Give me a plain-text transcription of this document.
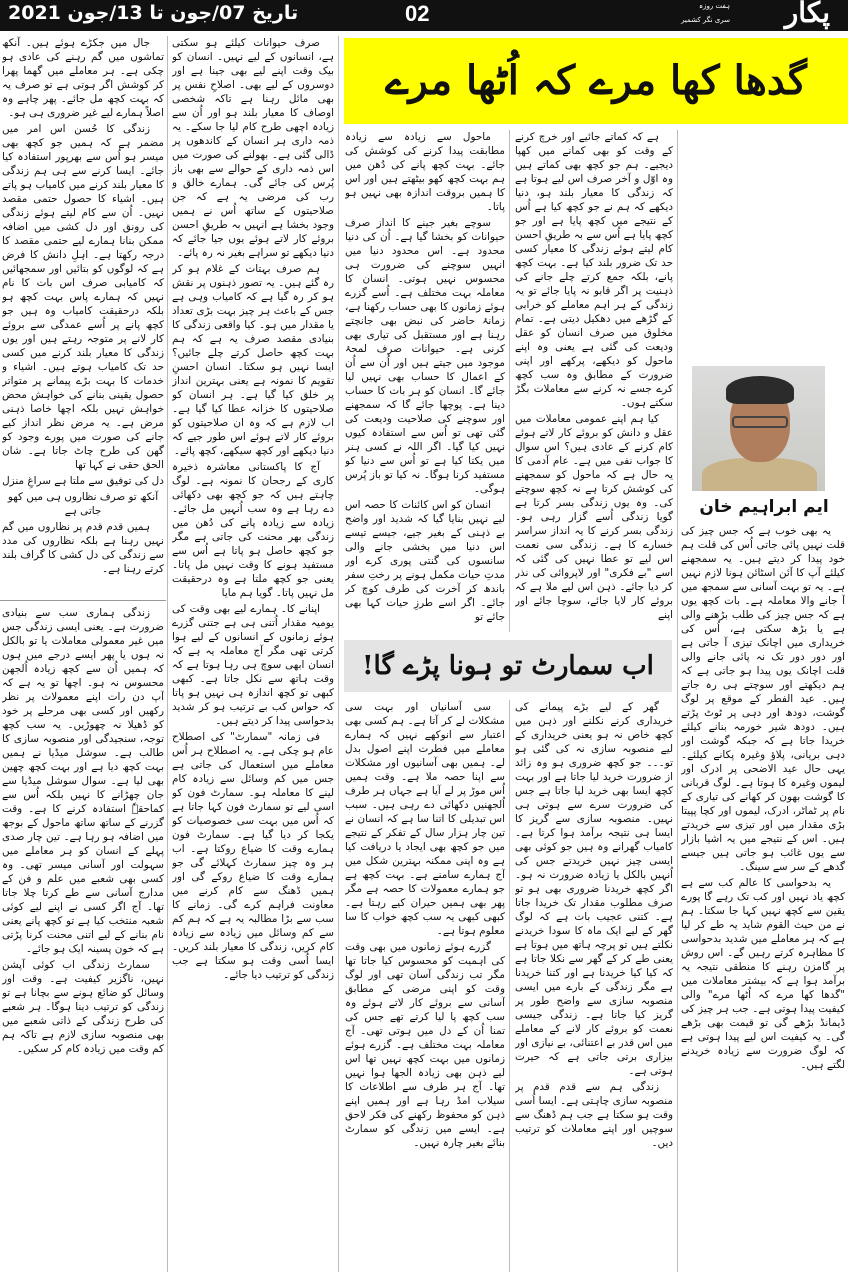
تاریخ 07/جون تا 13/جون 2021	02	پکار
ہفت روزہ
سری نگر کشمیر
گدھا کھا مرے کہ اُٹھا مرے

ماحول سے زیادہ سے زیادہ مطابقت پیدا کرنے کی کوشش کی جائے۔ بہت کچھ پانے کی دُھن میں ہم بہت کچھ کھو بیٹھتے ہیں اور اس کا ہمیں بروقت اندازہ بھی نہیں ہو پاتا۔

سوچے بغیر جینے کا انداز صرف حیوانات کو بخشا گیا ہے۔ اُن کی دنیا محدود ہے۔ اس محدود دنیا میں انہیں سوچنے کی ضرورت ہی محسوس نہیں ہوتی۔ انسان کا معاملہ بہت مختلف ہے۔ اُسے گزرے ہوئے زمانوں کا بھی حساب رکھنا ہے، زمانۂ حاضر کی نبض بھی جانچتے رہنا ہے اور مستقبل کی تیاری بھی کرنی ہے۔ حیوانات صرف لمحۂ موجود میں جیتے ہیں اور اُن سے اُن کے اعمال کا حساب بھی نہیں لیا جائے گا۔ انسان کو ہر بات کا حساب دینا ہے۔ پوچھا جائے گا کہ سمجھنے اور سوچنے کی صلاحیت ودیعت کی گئی تھی تو اُس سے استفادہ کیوں نہیں کیا گیا۔ اگر اللہ نے کسی ہنر میں یکتا کیا ہے تو اُس سے دنیا کو مستفید کرنا ہوگا۔ نہ کیا تو باز پُرس ہوگی۔

انسان کو اس کائنات کا حصہ اس لیے نہیں بنایا گیا کہ شدید اور واضح بے ذہنی کے بغیر جیے، جیسے تیسے اس دنیا میں بخشی جانے والی سانسوں کی گنتی پوری کرے اور مدتِ حیات مکمل ہونے پر رختِ سفر باندھ کر آخرت کی طرف کوچ کر جائے۔ اگر اسے طرزِ حیات کہا بھی جائے تو

ہے کہ کماتے جائیے اور خرچ کرنے کے وقت کو بھی کمانے میں کھپا دیجیے۔ ہم جو کچھ بھی کماتے ہیں وہ اوّل و آخر صرف اس لیے ہوتا ہے کہ زندگی کا معیار بلند ہو، دنیا دیکھے کہ ہم نے جو کچھ کیا ہے اُس کے نتیجے میں کچھ پایا ہے اور جو کچھ پایا ہے اُس سے بہ طریقِ احسن کام لیتے ہوئے زندگی کا معیار کسی حد تک ضرور بلند کیا ہے۔ بہت کچھ پانے، بلکہ جمع کرتے چلے جانے کی ذہنیت پر اگر قابو نہ پایا جائے تو یہ زندگی کے ہر اہم معاملے کو خرابی کے گڑھے میں دھکیل دیتی ہے۔ تمام مخلوق میں صرف انسان کو عقل ودیعت کی گئی ہے یعنی وہ اپنے ماحول کو دیکھے، پرکھے اور اپنی ضرورت کے مطابق وہ سب کچھ کرے جسے نہ کرنے سے معاملات بگڑ سکتے ہوں۔

کیا ہم اپنے عمومی معاملات میں عقل و دانش کو بروئے کار لاتے ہوئے کام کرنے کے عادی ہیں؟ اس سوال کا جواب نفی میں ہے۔ عام آدمی کا یہ حال ہے کہ ماحول کو سمجھنے کی کوشش کرتا ہے نہ کچھ سوچتے کی۔ وہ یوں زندگی بسر کرتا ہے گویا زندگی اُسے گزار رہی ہو۔ زندگی بسر کرنے کا یہ انداز سراسر خسارے کا ہے۔ زندگی سی نعمت اس لیے تو عطا نہیں کی گئی کہ اسے "بے فکری" اور لاپروائی کی نذر کر دیا جائے۔ ذہن اس لیے ملا ہے کہ بروئے کار لایا جائے، سوچا جائے اور اپنے

ایم ابراہیم خان

یہ بھی خوب ہے کہ جس چیز کی قلت نہیں پائی جاتی اُس کی قلت ہم خود پیدا کر دیتے ہیں۔ یہ سمجھنے کیلئے آپ کا آئن اسٹائن ہونا لازم نہیں ہے۔ یہ تو بہت آسانی سے سمجھ میں آ جانے والا معاملہ ہے۔ بات کچھ یوں ہے کہ جس چیز کی طلب بڑھنے والی ہے یا بڑھ سکتی ہے، اُس کی خریداری میں اچانک تیزی آ جاتی ہے اور دور دور تک نہ پائی جانے والی قلت اچانک یوں پیدا ہو جاتی ہے کہ ہم دیکھتے اور سوچتے ہی رہ جاتے ہیں۔ عید الفطر کے موقع پر لوگ گوشت، دودھ اور دہی پر ٹوٹ پڑتے ہیں۔ دودھ شیر خورمہ بنانے کیلئے خریدا جاتا ہے کہ جبکہ گوشت اور دہی بریانی، پلاؤ وغیرہ پکانے کیلئے۔ یہی حال عید الاضحی پر ادرک اور لیموں وغیرہ کا ہوتا ہے۔ لوگ قربانی کا گوشت بھون کر کھانے کی تیاری کے نام پر ٹماٹر، ادرک، لیموں اور کچا پپیتا بڑی مقدار میں اور تیزی سے خریدتے ہیں۔ اس کے نتیجے میں یہ اشیا بازار سے یوں غائب ہو جاتی ہیں جیسے گدھے کے سر سے سینگ۔

یہ بدحواسی کا عالم کب سے ہے کچھ یاد نہیں اور کب تک رہے گا پورے یقین سے کچھ نہیں کہا جا سکتا۔ ہم نے من حیث القوم شاید یہ طے کر لیا ہے کہ ہر معاملے میں شدید بدحواسی کا مظاہرہ کرتے رہیں گے۔ اس روش پر گامزن رہنے کا منطقی نتیجہ یہ برآمد ہوا ہے کہ بیشتر معاملات میں "گدھا کھا مرے کہ اُٹھا مرے" والی کیفیت پیدا ہوتی ہے۔ جب ہر چیز کی ڈیمانڈ بڑھے گی تو قیمت بھی بڑھے گی۔ یہ کیفیت اس لیے پیدا ہوتی ہے کہ لوگ ضرورت سے زیادہ خریدنے لگتے ہیں۔

جال میں جکڑے ہوئے ہیں۔ آنکھ تماشوں میں گم رہنے کی عادی ہو چکی ہے۔ ہر معاملے میں گھما پھرا کر کوشش اگر ہوتی ہے تو صرف یہ کہ بہت کچھ مل جائے۔ پھر چاہے وہ اصلاً ہمارے لیے غیر ضروری ہی ہو۔

زندگی کا حُسن اس امر میں مضمر ہے کہ ہمیں جو کچھ بھی میسر ہو اُس سے بھرپور استفادہ کیا جائے۔ ایسا کرنے سے ہی ہم زندگی کا معیار بلند کرنے میں کامیاب ہو پاتے ہیں۔ اشیاء کا حصول حتمی مقصد نہیں۔ اُن سے کام لیتے ہوئے زندگی کی رونق اور دل کشی میں اضافہ ممکن بنانا ہمارے لیے حتمی مقصد کا درجہ رکھتا ہے۔ اہلِ دانش کا فرض ہے کہ لوگوں کو بتائیں اور سمجھائیں کہ کامیابی صرف اس بات کا نام نہیں کہ ہمارے پاس بہت کچھ ہو بلکہ درحقیقت کامیاب وہ ہیں جو کچھ پانے پر اُسے عمدگی سے بروئے کار لانے پر متوجہ رہتے ہیں اور یوں زندگی کا معیار بلند کرنے میں کسی حد تک کامیاب ہوتے ہیں۔ اشیاء و خدمات کا بہت بڑے پیمانے پر متواتر حصول یقینی بنانے کی خواہش محض خواہش نہیں بلکہ اچھا خاصا ذہنی مرض ہے۔ یہ مرض نظر انداز کیے جانے کی صورت میں پورے وجود کو گھن کی طرح چاٹ جاتا ہے۔ شان الحق حقی نے کہا تھا

دل کی توفیق سے ملتا ہے سراغِ منزل

آنکھ تو صرف نظاروں ہی میں کھو جاتی ہے

ہمیں قدم قدم پر نظاروں میں گم نہیں رہنا ہے بلکہ نظاروں کی مدد سے زندگی کی دل کشی کا گراف بلند کرتے رہنا ہے۔

صرف حیوانات کیلئے ہو سکتی ہے، انسانوں کے لیے نہیں۔ انسان کو بیک وقت اپنے لیے بھی جینا ہے اور دوسروں کے لیے بھی۔ اصلاحِ نفس پر بھی مائل رہنا ہے تاکہ شخصی اوصاف کا معیار بلند ہو اور اُن سے زیادہ اچھی طرح کام لیا جا سکے۔ یہ ذمہ داری ہر انسان کے کاندھوں پر ڈالی گئی ہے۔ بھولنے کی صورت میں اس ذمہ داری کے حوالے سے بھی باز پُرس کی جائے گی۔ ہمارے خالق و رب کی مرضی یہ ہے کہ جن صلاحیتوں کے ساتھ اُس نے ہمیں وجود بخشا ہے انہیں بہ طریقِ احسن بروئے کار لاتے ہوئے یوں جیا جائے کہ دنیا دیکھے تو سراہے بغیر نہ رہ پائے۔

ہم صرف بہتات کے غلام ہو کر رہ گئے ہیں۔ یہ تصور ذہنوں پر نقش ہو کر رہ گیا ہے کہ کامیاب وہی ہے جس کے باعث ہر چیز بہت بڑی تعداد یا مقدار میں ہو۔ کیا واقعی زندگی کا بنیادی مقصد صرف یہ ہے کہ ہم بہت کچھ حاصل کرتے چلے جائیں؟ ایسا نہیں ہو سکتا۔ انسان احسنِ تقویم کا نمونہ ہے یعنی بہترین انداز پر خلق کیا گیا ہے۔ ہر انسان کو صلاحیتوں کا خزانہ عطا کیا گیا ہے۔ اب لازم ہے کہ وہ ان صلاحیتوں کو بروئے کار لاتے ہوئے اس طور جیے کہ دنیا دیکھے اور کچھ سیکھے، کچھ پائے۔

آج کا پاکستانی معاشرہ ذخیرہ کاری کے رجحان کا نمونہ ہے۔ لوگ چاہتے ہیں کہ جو کچھ بھی دکھائی دے رہا ہے وہ سب اُنہیں مل جائے۔ زیادہ سے زیادہ پانے کی دُھن میں زندگی بھر محنت کی جاتی ہے مگر جو کچھ حاصل ہو پاتا ہے اُس سے مستفید ہونے کا وقت نہیں مل پاتا۔ یعنی جو کچھ ملتا ہے وہ درحقیقت مل نہیں پاتا۔ گویا ہم مایا

اپنانے کا۔ ہمارے لیے بھی وقت کی یومیہ مقدار اُتنی ہی ہے جتنی گزرے ہوئے زمانوں کے انسانوں کے لیے ہوا کرتی تھی مگر آج معاملہ یہ ہے کہ انسان ابھی سوچ ہی رہا ہوتا ہے کہ وقت ہاتھ سے نکل جاتا ہے۔ کبھی کبھی تو کچھ اندازہ ہی نہیں ہو پاتا کہ حواس کب بے ترتیب ہو کر شدید بدحواسی پیدا کر دیتے ہیں۔

فی زمانہ "سمارٹ" کی اصطلاح عام ہو چکی ہے۔ یہ اصطلاح ہر اُس معاملے میں استعمال کی جاتی ہے جس میں کم وسائل سے زیادہ کام لینے کا معاملہ ہو۔ سمارٹ فون کو اسی لیے تو سمارٹ فون کہا جاتا ہے کہ اُس میں بہت سی خصوصیات کو یکجا کر دیا گیا ہے۔ سمارٹ فون ہمارے وقت کا ضیاع روکتا ہے۔ اب ہر وہ چیز سمارٹ کہلائے گی جو ہمارے وقت کا ضیاع روکے گی اور ہمیں ڈھنگ سے کام کرنے میں معاونت فراہم کرے گی۔ زمانے کا سب سے بڑا مطالبہ یہ ہے کہ ہم کم سے کم وسائل میں زیادہ سے زیادہ کام کریں، زندگی کا معیار بلند کریں۔ ایسا اُسی وقت ہو سکتا ہے جب زندگی کو ترتیب دیا جائے۔

اب سمارٹ تو ہونا پڑے گا!

زندگی ہماری سب سے بنیادی ضرورت ہے۔ یعنی ایسی زندگی جس میں غیر معمولی معاملات یا تو بالکل نہ ہوں یا پھر ایسے درجے میں ہوں کہ ہمیں اُن سے کچھ زیادہ اُلجھن محسوس نہ ہو۔ اچھا تو یہ ہے کہ آپ دن رات اپنے معمولات پر نظر رکھیں اور کسی بھی مرحلے پر خود کو ڈھیلا نہ چھوڑیں۔ یہ سب کچھ توجہ، سنجیدگی اور منصوبہ سازی کا طالب ہے۔ سوشل میڈیا نے ہمیں بہت کچھ دیا ہے اور بہت کچھ چھین بھی لیا ہے۔ سوال سوشل میڈیا سے جان چھڑانے کا نہیں بلکہ اُس سے کماحقہٗ استفادہ کرنے کا ہے۔ وقت گزرنے کے ساتھ ساتھ ماحول کے بوجھ میں اضافہ ہو رہا ہے۔ تین چار صدی پہلے کے انسان کو ہر معاملے میں سہولت اور آسانی میسر تھی۔ وہ کسی بھی شعبے میں علم و فن کے مدارج آسانی سے طے کرتا چلا جاتا تھا۔ آج اگر کسی نے اپنے لیے کوئی شعبہ منتخب کیا ہے تو کچھ پانے یعنی نام بنانے کے لیے اتنی محنت کرنا پڑتی ہے کہ خون پسینہ ایک ہو جائے۔

سمارٹ زندگی اب کوئی آپشن نہیں، ناگزیر کیفیت ہے۔ وقت اور وسائل کو ضائع ہونے سے بچانا ہے تو زندگی کو ترتیب دینا ہوگا۔ ہر شعبے کی طرح زندگی کے ذاتی شعبے میں بھی منصوبہ سازی لازم ہے تاکہ ہم کم وقت میں زیادہ کام کر سکیں۔

سی آسانیاں اور بہت سی مشکلات لے کر آتا ہے۔ ہم کسی بھی اعتبار سے انوکھے نہیں کہ ہمارے معاملے میں فطرت اپنے اصول بدل لے۔ ہمیں بھی آسانیوں اور مشکلات سے اپنا حصہ ملا ہے۔ وقت ہمیں اُس موڑ پر لے آیا ہے جہاں ہر طرف اُلجھنیں دکھائی دے رہی ہیں۔ سبب اس تبدیلی کا اتنا سا ہے کہ انسان نے تین چار ہزار سال کے تفکر کے نتیجے میں جو کچھ بھی ایجاد یا دریافت کیا ہے وہ اپنی ممکنہ بہترین شکل میں آج ہمارے سامنے ہے۔ بہت کچھ ہے جو ہمارے معمولات کا حصہ ہے مگر پھر بھی ہمیں حیران کیے رہتا ہے۔ کبھی کبھی یہ سب کچھ خواب کا سا معلوم ہوتا ہے۔

گزرے ہوئے زمانوں میں بھی وقت کی اہمیت کو محسوس کیا جاتا تھا مگر تب زندگی آسان تھی اور لوگ وقت کو اپنی مرضی کے مطابق آسانی سے بروئے کار لاتے ہوئے وہ سب کچھ پا لیا کرتے تھے جس کی تمنا اُن کے دل میں ہوتی تھی۔ آج معاملہ بہت مختلف ہے۔ گزرے ہوئے زمانوں میں بہت کچھ نہیں تھا اس لیے ذہن بھی زیادہ الجھا ہوا نہیں تھا۔ آج ہر طرف سے اطلاعات کا سیلاب امڈ رہا ہے اور ہمیں اپنے ذہن کو محفوظ رکھنے کی فکر لاحق ہے۔ ایسے میں زندگی کو سمارٹ بنائے بغیر چارہ نہیں۔

گھر کے لیے بڑے پیمانے کی خریداری کرنے نکلنے اور ذہن میں کچھ خاص نہ ہو یعنی خریداری کے لیے منصوبہ سازی نہ کی گئی ہو تو۔۔۔ جو کچھ ضروری ہو وہ زائد از ضرورت خرید لیا جاتا ہے اور بہت کچھ ایسا بھی خرید لیا جاتا ہے جس کی ضرورت سرے سے ہوتی ہی نہیں۔ منصوبہ سازی سے گریز کا ایسا ہی نتیجہ برآمد ہوا کرتا ہے۔ کامیاب گھرانے وہ ہیں جو کوئی بھی ایسی چیز نہیں خریدتے جس کی اُنہیں بالکل یا زیادہ ضرورت نہ ہو۔ اگر کچھ خریدنا ضروری بھی ہو تو صرف مطلوب مقدار تک خریدا جاتا ہے۔ کتنی عجیب بات ہے کہ لوگ گھر کے لیے ایک ماہ کا سودا خریدنے نکلتے ہیں تو پرچہ ہاتھ میں ہوتا ہے یعنی طے کر کے گھر سے نکلا جاتا ہے کہ کیا کیا خریدنا ہے اور کتنا خریدنا ہے مگر زندگی کے بارے میں ایسی منصوبہ سازی سے واضح طور پر گریز کیا جاتا ہے۔ زندگی جیسی نعمت کو بروئے کار لانے کے معاملے میں اس قدر بے اعتنائی، بے نیازی اور بیزاری برتی جاتی ہے کہ حیرت ہوتی ہے۔

زندگی ہم سے قدم قدم پر منصوبہ سازی چاہتی ہے۔ ایسا اُسی وقت ہو سکتا ہے جب ہم ڈھنگ سے سوچیں اور اپنے معاملات کو ترتیب دیں۔
